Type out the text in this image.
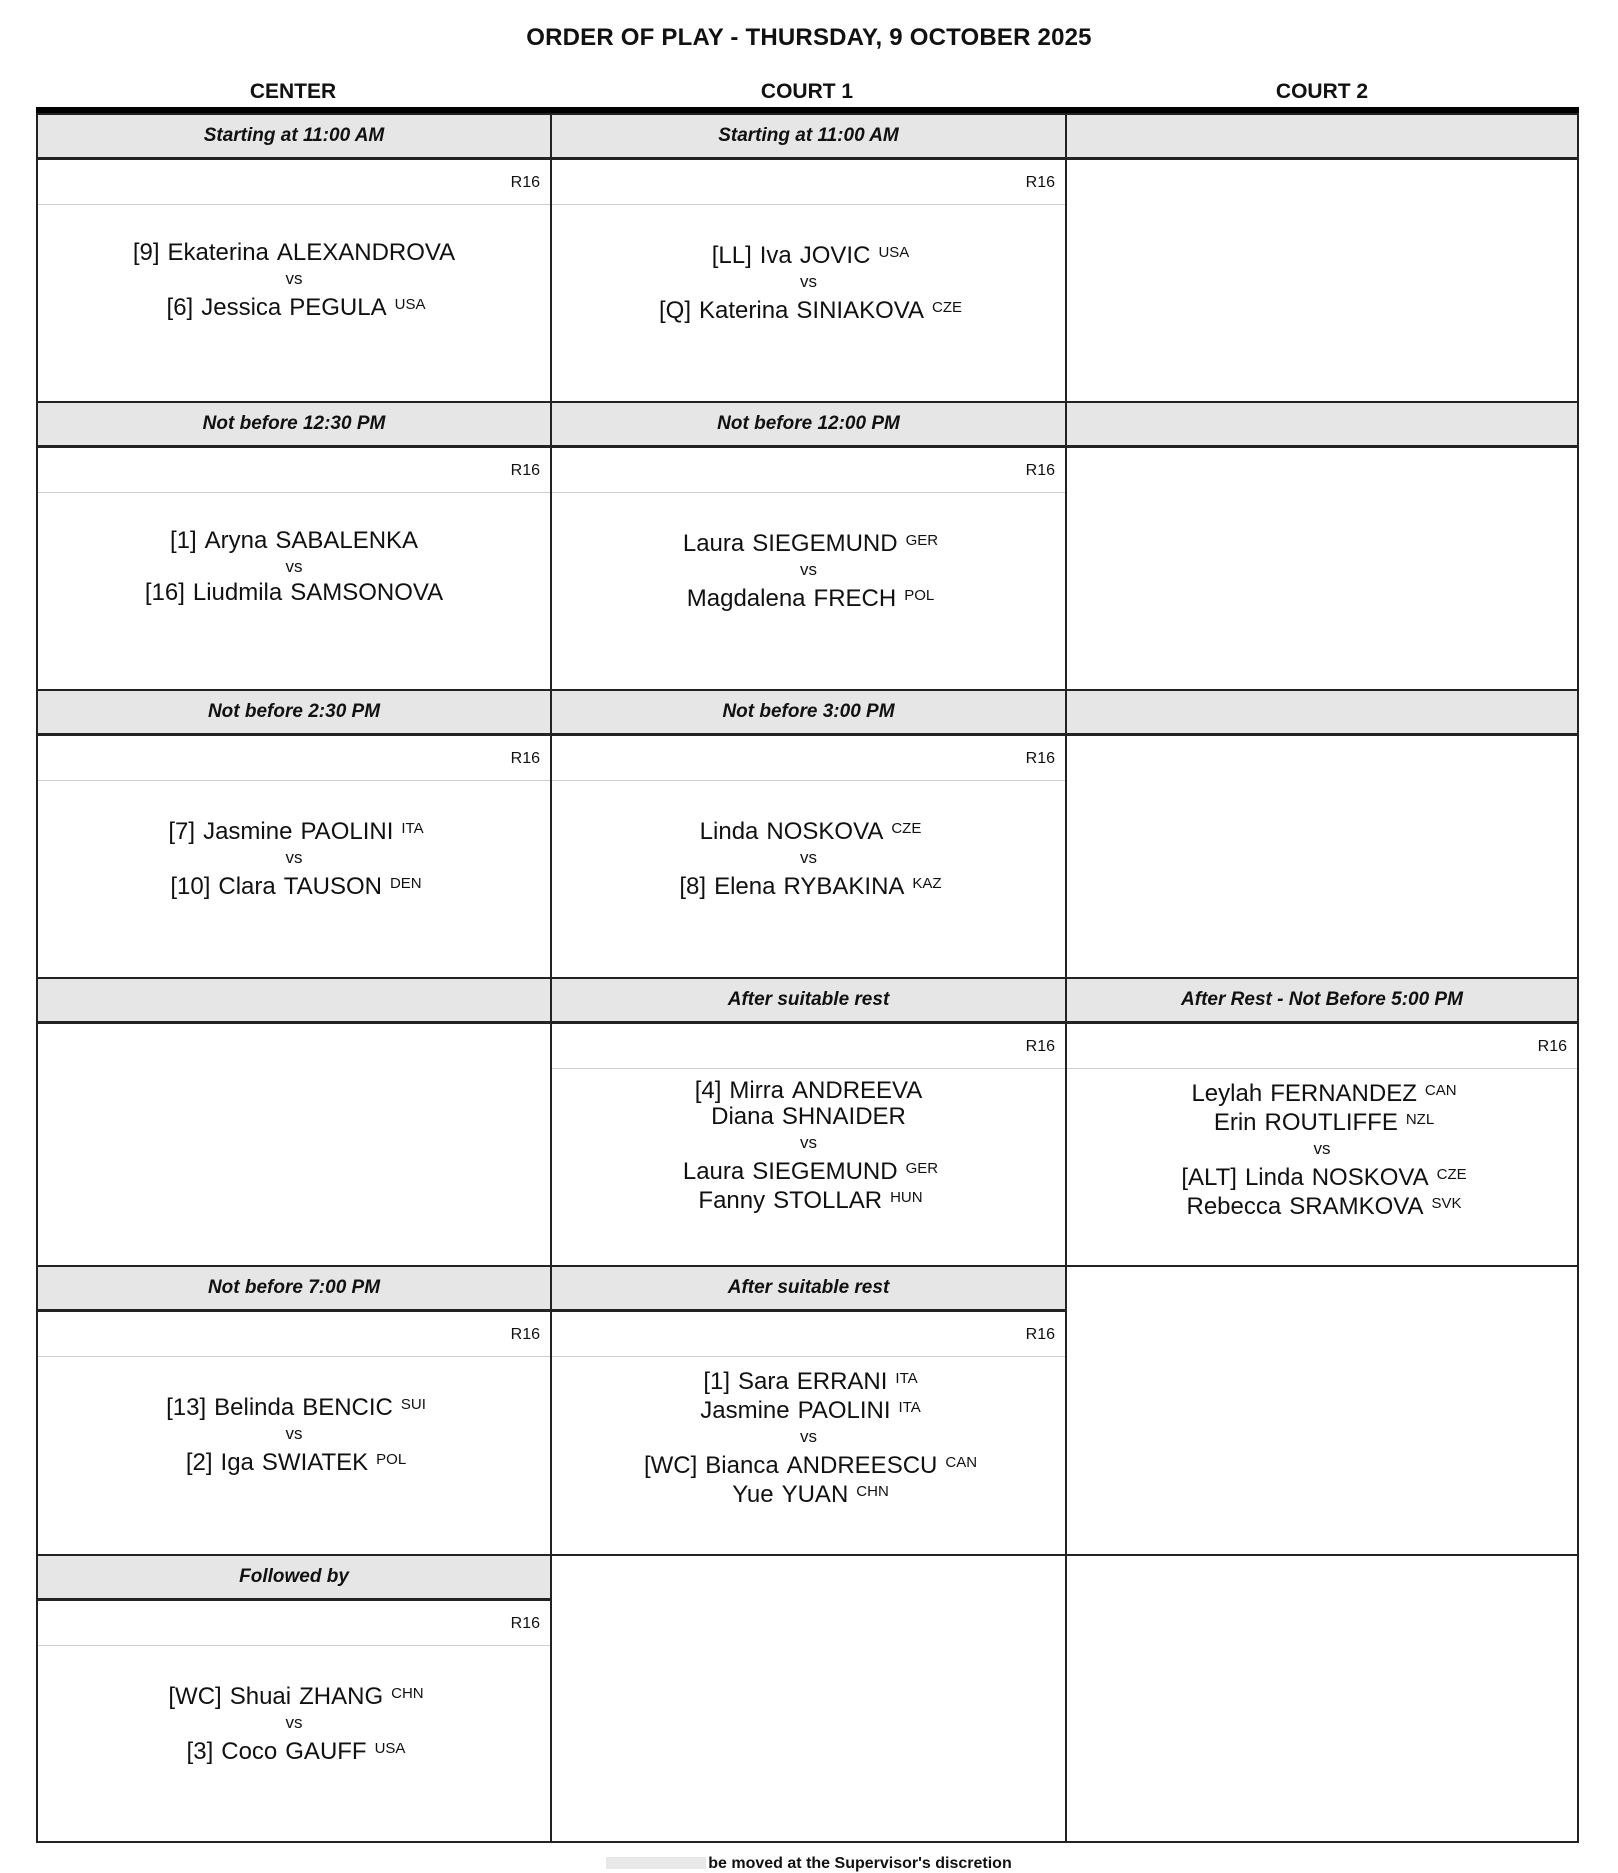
ORDER OF PLAY - THURSDAY, 9 OCTOBER 2025
CENTER	COURT 1	COURT 2
Starting at 11:00 AM
R16
[9] Ekaterina ALEXANDROVA
vs
[6] Jessica PEGULA $^{USA}$
Starting at 11:00 AM
R16
[LL] Iva JOVIC $^{USA}$
vs
[Q] Katerina SINIAKOVA $^{CZE}$
Not before 12:30 PM
R16
[1] Aryna SABALENKA
vs
[16] Liudmila SAMSONOVA
Not before 12:00 PM
R16
Laura SIEGEMUND $^{GER}$
vs
Magdalena FRECH $^{POL}$
Not before 2:30 PM
R16
[7] Jasmine PAOLINI $^{ITA}$
vs
[10] Clara TAUSON $^{DEN}$
Not before 3:00 PM
R16
Linda NOSKOVA $^{CZE}$
vs
[8] Elena RYBAKINA $^{KAZ}$
After suitable rest
R16
[4] Mirra ANDREEVA
Diana SHNAIDER
vs
Laura SIEGEMUND $^{GER}$
Fanny STOLLAR $^{HUN}$
After Rest - Not Before 5:00 PM
R16
Leylah FERNANDEZ $^{CAN}$
Erin ROUTLIFFE $^{NZL}$
vs
[ALT] Linda NOSKOVA $^{CZE}$
Rebecca SRAMKOVA $^{SVK}$
Not before 7:00 PM
R16
[13] Belinda BENCIC $^{SUI}$
vs
[2] Iga SWIATEK $^{POL}$
After suitable rest
R16
[1] Sara ERRANI $^{ITA}$
Jasmine PAOLINI $^{ITA}$
vs
[WC] Bianca ANDREESCU $^{CAN}$
Yue YUAN $^{CHN}$
Followed by
R16
[WC] Shuai ZHANG $^{CHN}$
vs
[3] Coco GAUFF $^{USA}$
be moved at the Supervisor's discretion
